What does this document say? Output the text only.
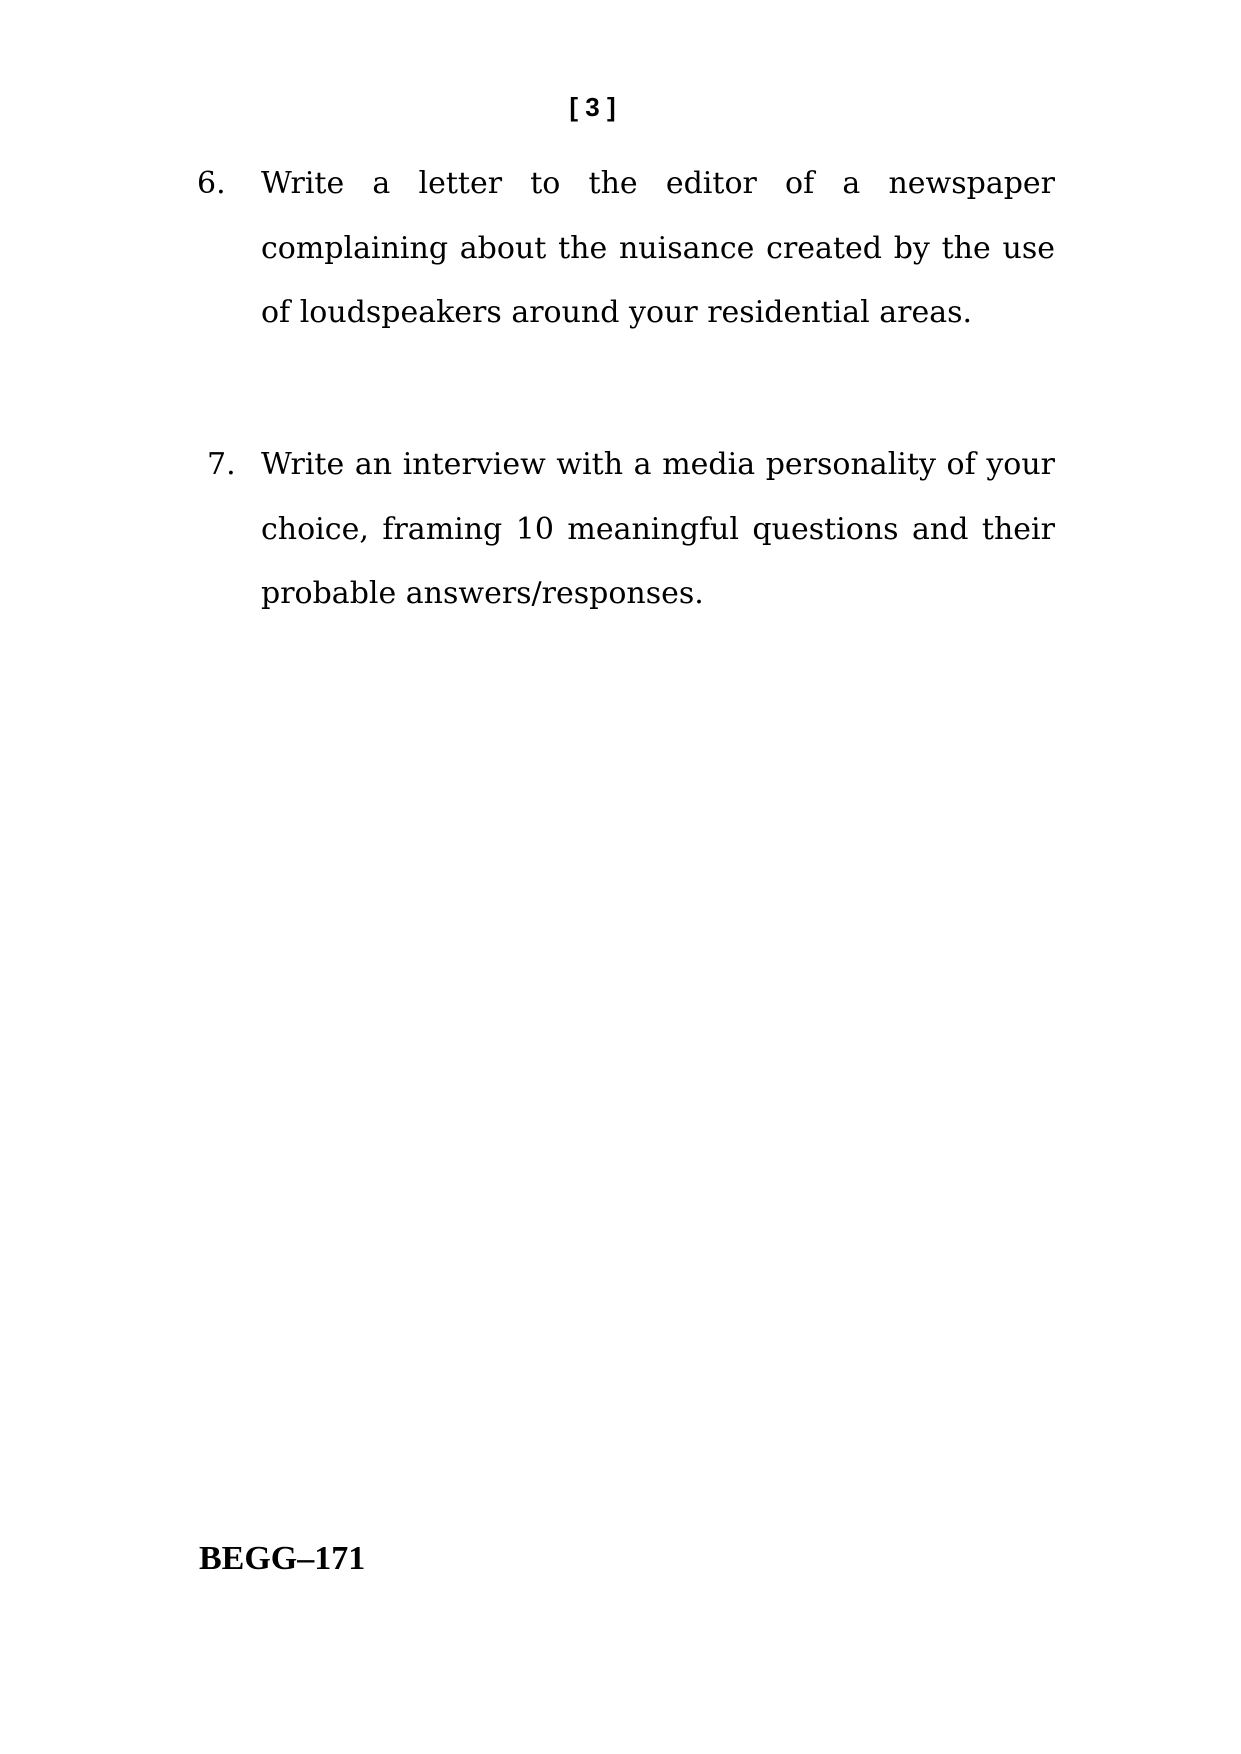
[ 3 ]
6. Write a letter to the editor of a newspaper complaining about the nuisance created by the use of loudspeakers around your residential areas.
7. Write an interview with a media personality of your choice, framing 10 meaningful questions and their probable answers/responses.
BEGG–171
